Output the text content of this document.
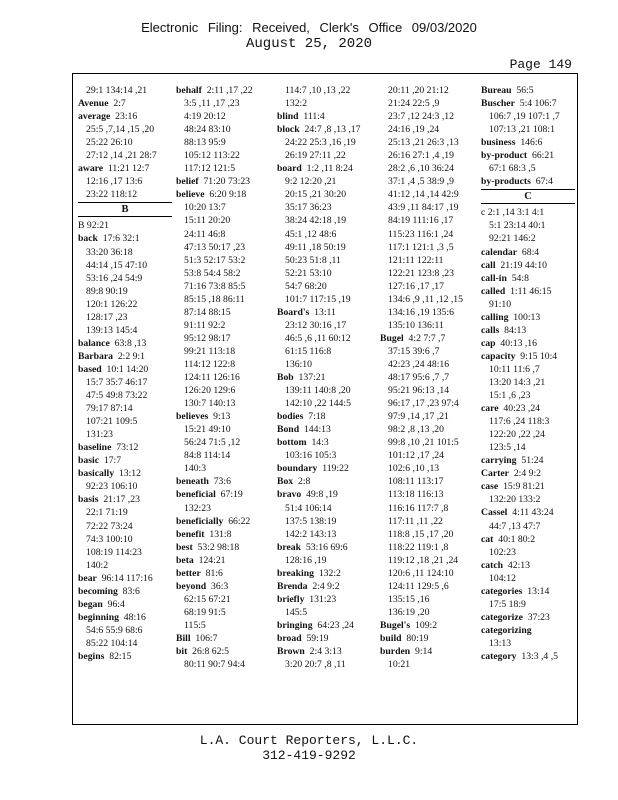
Electronic Filing: Received, Clerk's Office 09/03/2020
August 25, 2020
Page 149
29:1 134:14 ,21
Avenue 2:7
average 23:16
25:5 ,7,14 ,15 ,20
25:22 26:10
27:12 ,14 ,21 28:7
aware 11:21 12:7
12:16 ,17 13:6
23:22 118:12
B
B 92:21
back 17:6 32:1
33:20 36:18
44:14 ,15 47:10
53:16 ,24 54:9
89:8 90:19
120:1 126:22
128:17 ,23
139:13 145:4
balance 63:8 ,13
Barbara 2:2 9:1
based 10:1 14:20
15:7 35:7 46:17
47:5 49:8 73:22
79:17 87:14
107:21 109:5
131:23
baseline 73:12
basic 17:7
basically 13:12
92:23 106:10
basis 21:17 ,23
22:1 71:19
72:22 73:24
74:3 100:10
108:19 114:23
140:2
bear 96:14 117:16
becoming 83:6
began 96:4
beginning 48:16
54:6 55:9 68:6
85:22 104:14
begins 82:15
behalf 2:11 ,17 ,22
3:5 ,11 ,17 ,23
4:19 20:12
48:24 83:10
88:13 95:9
105:12 113:22
117:12 121:5
belief 71:20 73:23
believe 6:20 9:18
10:20 13:7
15:11 20:20
24:11 46:8
47:13 50:17 ,23
51:3 52:17 53:2
53:8 54:4 58:2
71:16 73:8 85:5
85:15 ,18 86:11
87:14 88:15
91:11 92:2
95:12 98:17
99:21 113:18
114:12 122:8
124:11 126:16
126:20 129:6
130:7 140:13
believes 9:13
15:21 49:10
56:24 71:5 ,12
84:8 114:14
140:3
beneath 73:6
beneficial 67:19
132:23
beneficially 66:22
benefit 131:8
best 53:2 98:18
beta 124:21
better 81:6
beyond 36:3
62:15 67:21
68:19 91:5
115:5
Bill 106:7
bit 26:8 62:5
80:11 90:7 94:4
114:7 ,10 ,13 ,22
132:2
blind 111:4
block 24:7 ,8 ,13 ,17
24:22 25:3 ,16 ,19
26:19 27:11 ,22
board 1:2 ,11 8:24
9:2 12:20 ,21
20:15 ,21 30:20
35:17 36:23
38:24 42:18 ,19
45:1 ,12 48:6
49:11 ,18 50:19
50:23 51:8 ,11
52:21 53:10
54:7 68:20
101:7 117:15 ,19
Board's 13:11
23:12 30:16 ,17
46:5 ,6 ,11 60:12
61:15 116:8
136:10
Bob 137:21
139:11 140:8 ,20
142:10 ,22 144:5
bodies 7:18
Bond 144:13
bottom 14:3
103:16 105:3
boundary 119:22
Box 2:8
bravo 49:8 ,19
51:4 106:14
137:5 138:19
142:2 143:13
break 53:16 69:6
128:16 ,19
breaking 132:2
Brenda 2:4 9:2
briefly 131:23
145:5
bringing 64:23 ,24
broad 59:19
Brown 2:4 3:13
3:20 20:7 ,8 ,11
20:11 ,20 21:12
21:24 22:5 ,9
23:7 ,12 24:3 ,12
24:16 ,19 ,24
25:13 ,21 26:3 ,13
26:16 27:1 ,4 ,19
28:2 ,6 ,10 36:24
37:1 ,4 ,5 38:9 ,9
41:12 ,14 ,14 42:9
43:9 ,11 84:17 ,19
84:19 111:16 ,17
115:23 116:1 ,24
117:1 121:1 ,3 ,5
121:11 122:11
122:21 123:8 ,23
127:16 ,17 ,17
134:6 ,9 ,11 ,12 ,15
134:16 ,19 135:6
135:10 136:11
Bugel 4:2 7:7 ,7
37:15 39:6 ,7
42:23 ,24 48:16
48:17 95:6 ,7 ,7
95:21 96:13 ,14
96:17 ,17 ,23 97:4
97:9 ,14 ,17 ,21
98:2 ,8 ,13 ,20
99:8 ,10 ,21 101:5
101:12 ,17 ,24
102:6 ,10 ,13
108:11 113:17
113:18 116:13
116:16 117:7 ,8
117:11 ,11 ,22
118:8 ,15 ,17 ,20
118:22 119:1 ,8
119:12 ,18 ,21 ,24
120:6 ,11 124:10
124:11 129:5 ,6
135:15 ,16
136:19 ,20
Bugel's 109:2
build 80:19
burden 9:14
10:21
Bureau 56:5
Buscher 5:4 106:7
106:7 ,19 107:1 ,7
107:13 ,21 108:1
business 146:6
by-product 66:21
67:1 68:3 ,5
by-products 67:4
C
c 2:1 ,14 3:1 4:1
5:1 23:14 40:1
92:21 146:2
calendar 68:4
call 21:19 44:10
call-in 54:8
called 1:11 46:15
91:10
calling 100:13
calls 84:13
cap 40:13 ,16
capacity 9:15 10:4
10:11 11:6 ,7
13:20 14:3 ,21
15:1 ,6 ,23
care 40:23 ,24
117:6 ,24 118:3
122:20 ,22 ,24
123:5 ,14
carrying 51:24
Carter 2:4 9:2
case 15:9 81:21
132:20 133:2
Cassel 4:11 43:24
44:7 ,13 47:7
cat 40:1 80:2
102:23
catch 42:13
104:12
categories 13:14
17:5 18:9
categorize 37:23
categorizing
13:13
category 13:3 ,4 ,5
L.A. Court Reporters, L.L.C.
312-419-9292
